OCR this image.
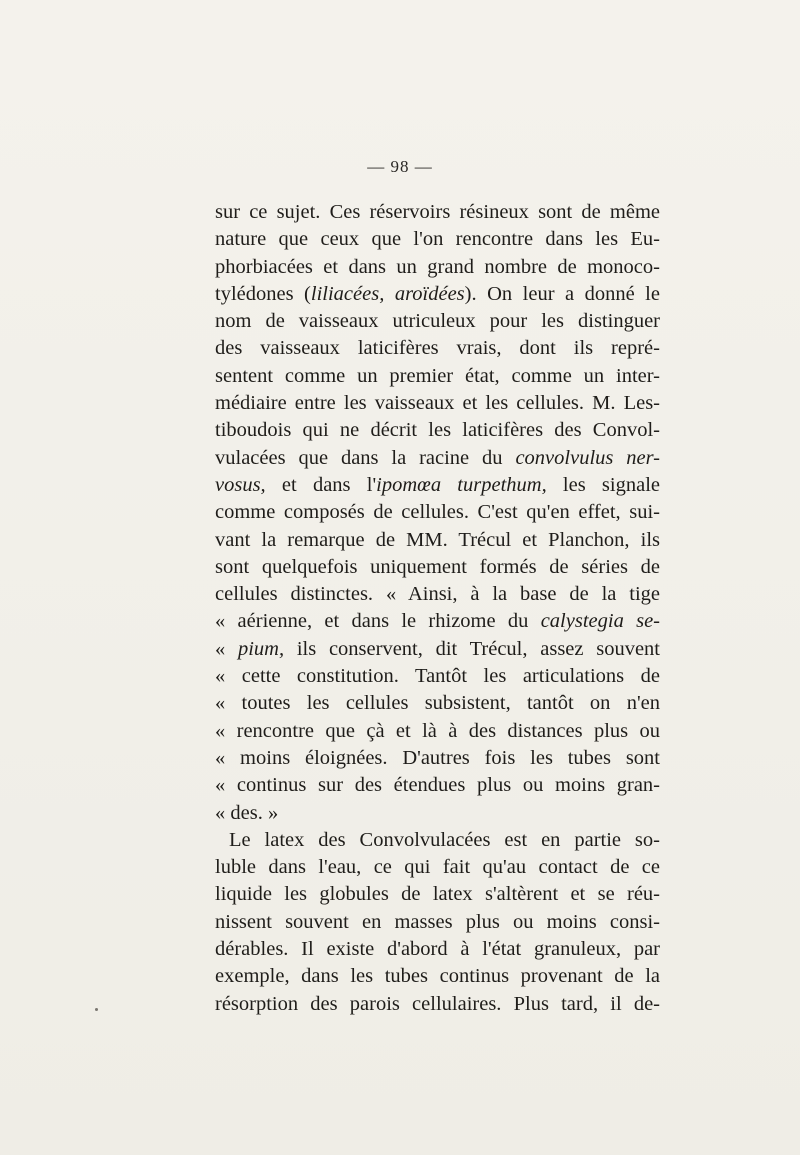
— 98 —
sur ce sujet. Ces réservoirs résineux sont de même
nature que ceux que l'on rencontre dans les Eu-
phorbiacées et dans un grand nombre de monoco-
tylédones (liliacées, aroïdées). On leur a donné le
nom de vaisseaux utriculeux pour les distinguer
des vaisseaux laticifères vrais, dont ils repré-
sentent comme un premier état, comme un inter-
médiaire entre les vaisseaux et les cellules. M. Les-
tiboudois qui ne décrit les laticifères des Convol-
vulacées que dans la racine du convolvulus ner-
vosus, et dans l'ipomœa turpethum, les signale
comme composés de cellules. C'est qu'en effet, sui-
vant la remarque de MM. Trécul et Planchon, ils
sont quelquefois uniquement formés de séries de
cellules distinctes. « Ainsi, à la base de la tige
« aérienne, et dans le rhizome du calystegia se-
« pium, ils conservent, dit Trécul, assez souvent
« cette constitution. Tantôt les articulations de
« toutes les cellules subsistent, tantôt on n'en
« rencontre que çà et là à des distances plus ou
« moins éloignées. D'autres fois les tubes sont
« continus sur des étendues plus ou moins gran-
« des. »
Le latex des Convolvulacées est en partie so-
luble dans l'eau, ce qui fait qu'au contact de ce
liquide les globules de latex s'altèrent et se réu-
nissent souvent en masses plus ou moins consi-
dérables. Il existe d'abord à l'état granuleux, par
exemple, dans les tubes continus provenant de la
résorption des parois cellulaires. Plus tard, il de-
